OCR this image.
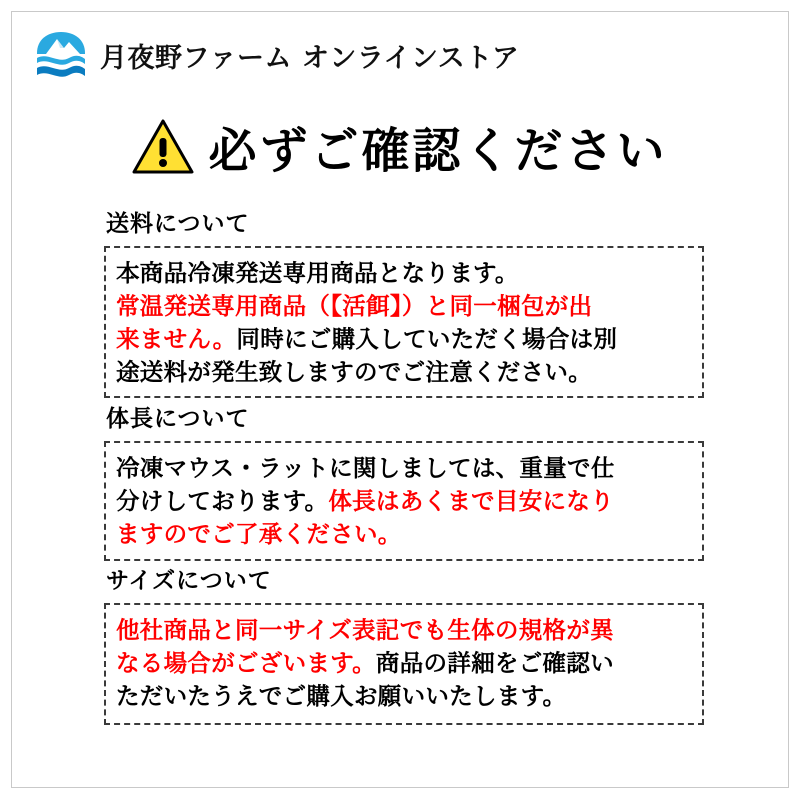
月夜野ファーム オンラインストア
必ずご確認ください
送料について

本商品冷凍発送専用商品となります。
常温発送専用商品（【活餌】）と同一梱包が出
来ません。同時にご購入していただく場合は別
途送料が発生致しますのでご注意ください。

体長について

冷凍マウス・ラットに関しましては、重量で仕
分けしております。体長はあくまで目安になり
ますのでご了承ください。

サイズについて

他社商品と同一サイズ表記でも生体の規格が異
なる場合がございます。商品の詳細をご確認い
ただいたうえでご購入お願いいたします。
